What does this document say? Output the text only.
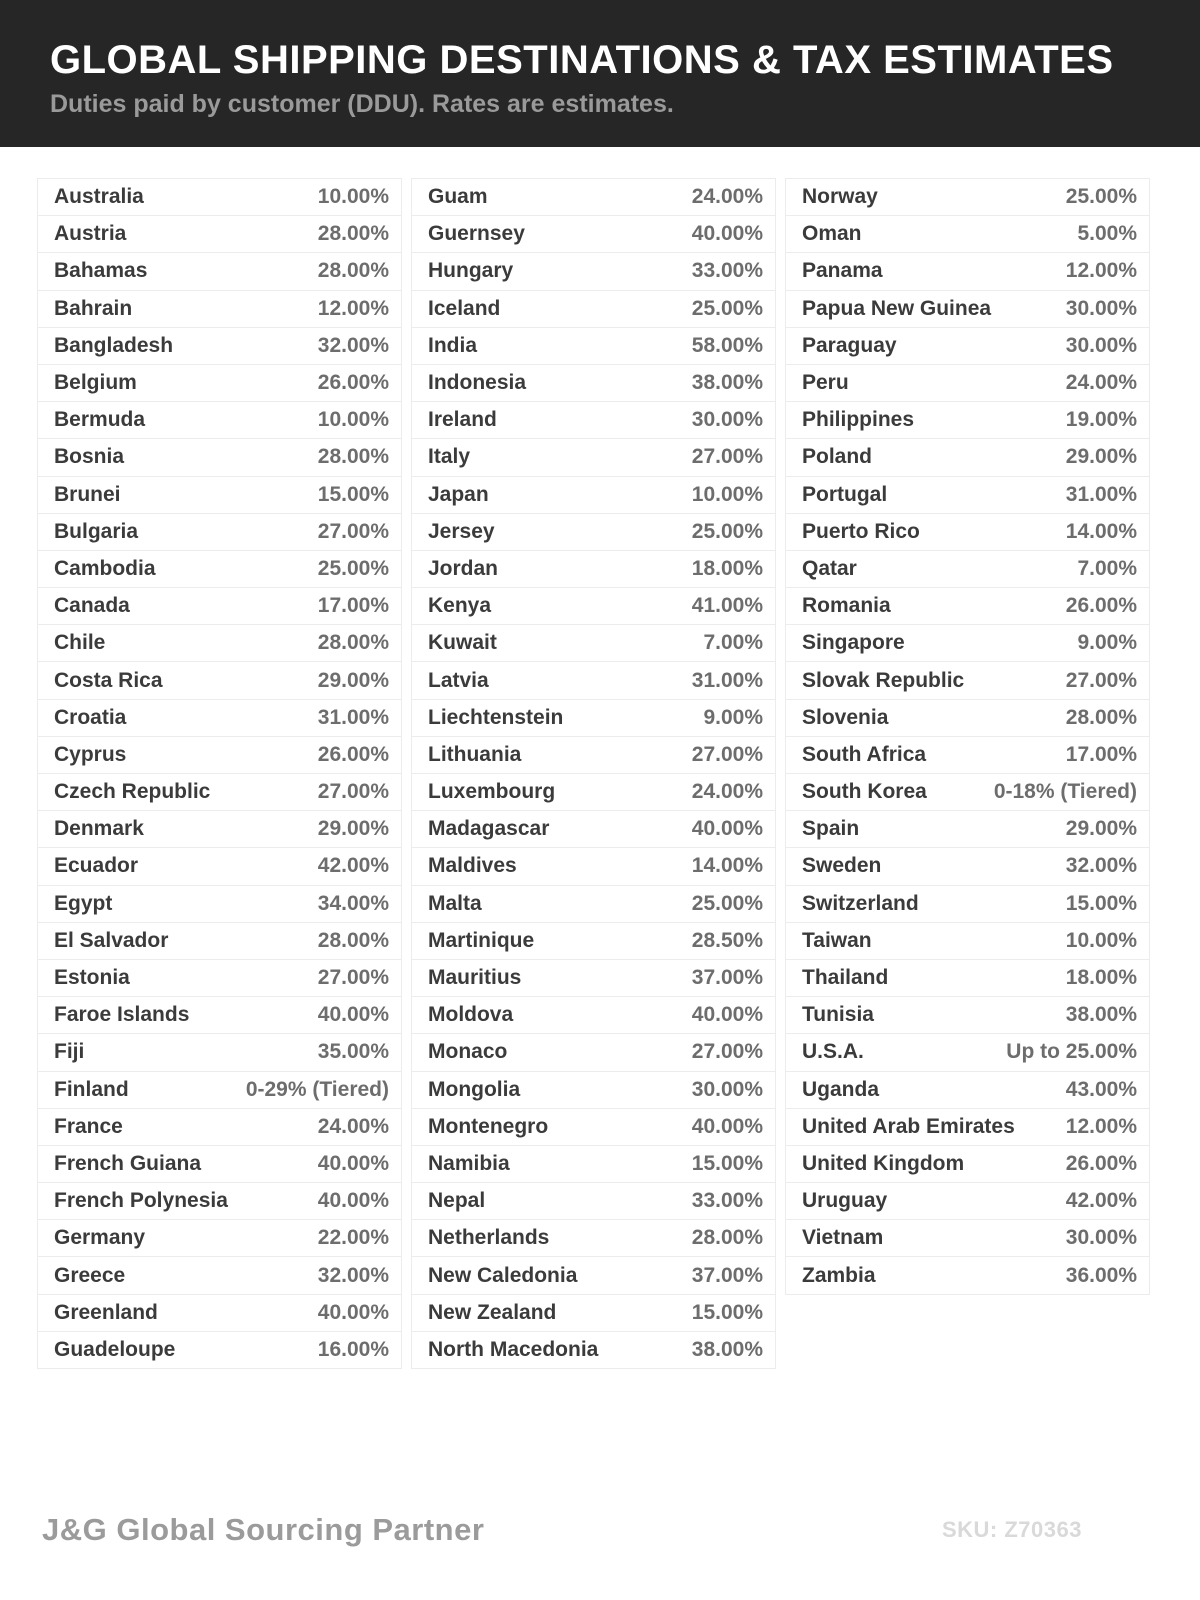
GLOBAL SHIPPING DESTINATIONS & TAX ESTIMATES
Duties paid by customer (DDU). Rates are estimates.
Australia	10.00%
Austria	28.00%
Bahamas	28.00%
Bahrain	12.00%
Bangladesh	32.00%
Belgium	26.00%
Bermuda	10.00%
Bosnia	28.00%
Brunei	15.00%
Bulgaria	27.00%
Cambodia	25.00%
Canada	17.00%
Chile	28.00%
Costa Rica	29.00%
Croatia	31.00%
Cyprus	26.00%
Czech Republic	27.00%
Denmark	29.00%
Ecuador	42.00%
Egypt	34.00%
El Salvador	28.00%
Estonia	27.00%
Faroe Islands	40.00%
Fiji	35.00%
Finland	0-29% (Tiered)
France	24.00%
French Guiana	40.00%
French Polynesia	40.00%
Germany	22.00%
Greece	32.00%
Greenland	40.00%
Guadeloupe	16.00%
Guam	24.00%
Guernsey	40.00%
Hungary	33.00%
Iceland	25.00%
India	58.00%
Indonesia	38.00%
Ireland	30.00%
Italy	27.00%
Japan	10.00%
Jersey	25.00%
Jordan	18.00%
Kenya	41.00%
Kuwait	7.00%
Latvia	31.00%
Liechtenstein	9.00%
Lithuania	27.00%
Luxembourg	24.00%
Madagascar	40.00%
Maldives	14.00%
Malta	25.00%
Martinique	28.50%
Mauritius	37.00%
Moldova	40.00%
Monaco	27.00%
Mongolia	30.00%
Montenegro	40.00%
Namibia	15.00%
Nepal	33.00%
Netherlands	28.00%
New Caledonia	37.00%
New Zealand	15.00%
North Macedonia	38.00%
Norway	25.00%
Oman	5.00%
Panama	12.00%
Papua New Guinea	30.00%
Paraguay	30.00%
Peru	24.00%
Philippines	19.00%
Poland	29.00%
Portugal	31.00%
Puerto Rico	14.00%
Qatar	7.00%
Romania	26.00%
Singapore	9.00%
Slovak Republic	27.00%
Slovenia	28.00%
South Africa	17.00%
South Korea	0-18% (Tiered)
Spain	29.00%
Sweden	32.00%
Switzerland	15.00%
Taiwan	10.00%
Thailand	18.00%
Tunisia	38.00%
U.S.A.	Up to 25.00%
Uganda	43.00%
United Arab Emirates	12.00%
United Kingdom	26.00%
Uruguay	42.00%
Vietnam	30.00%
Zambia	36.00%
J&G Global Sourcing Partner	SKU: Z70363
